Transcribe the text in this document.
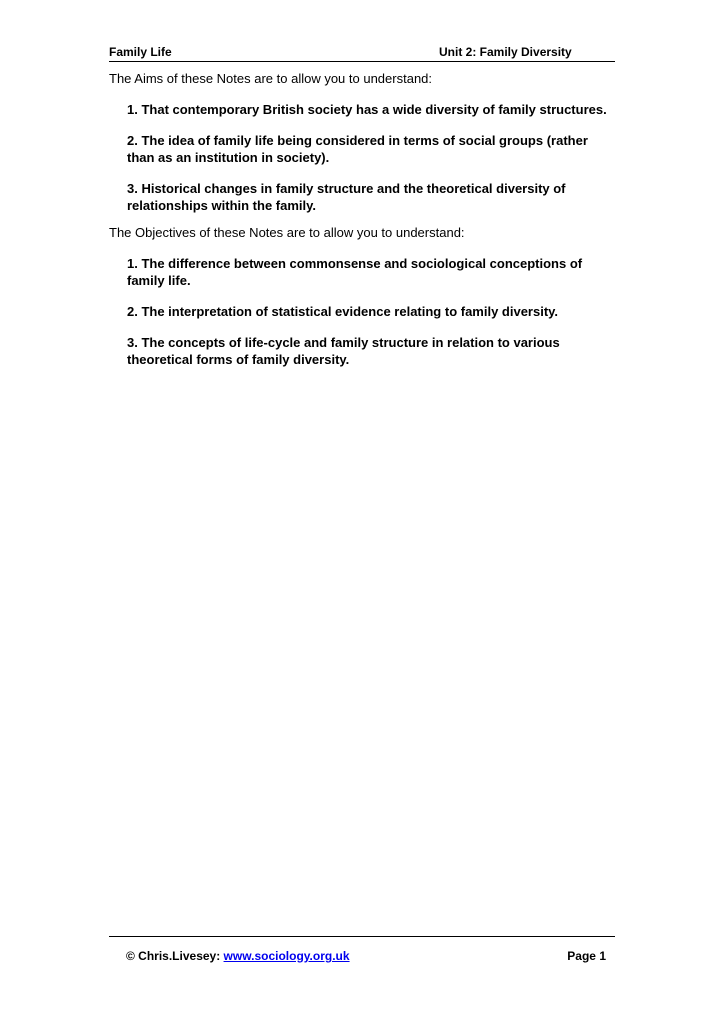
Family Life	Unit 2: Family Diversity

The Aims of these Notes are to allow you to understand:

1. That contemporary British society has a wide diversity of family structures.
2. The idea of family life being considered in terms of social groups (rather than as an institution in society).
3. Historical changes in family structure and the theoretical diversity of relationships within the family.

The Objectives of these Notes are to allow you to understand:

1. The difference between commonsense and sociological conceptions of family life.
2. The interpretation of statistical evidence relating to family diversity.
3. The concepts of life-cycle and family structure in relation to various theoretical forms of family diversity.
© Chris.Livesey: www.sociology.org.uk	Page 1
